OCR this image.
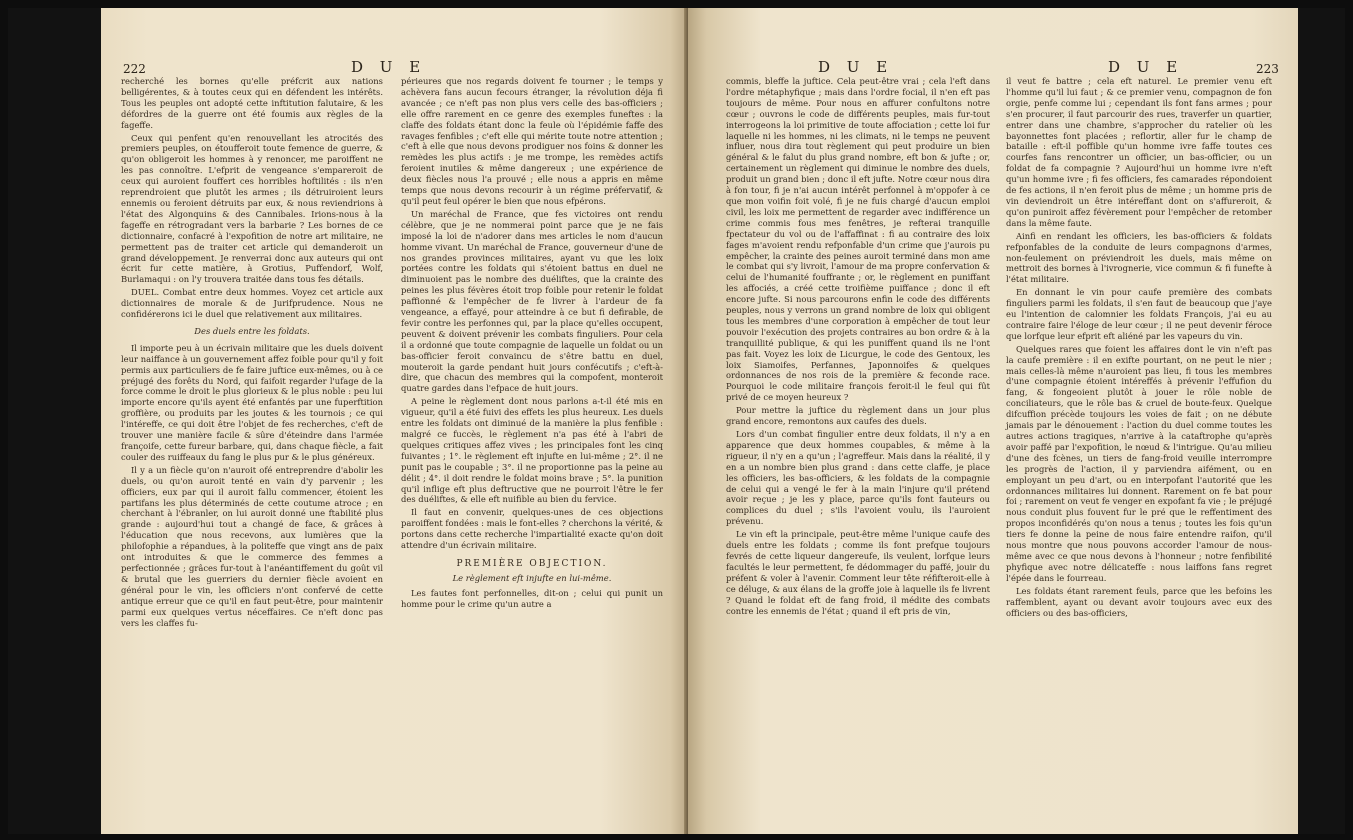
222	D U E

recherché les bornes qu'elle préfcrit aux nations belligérentes, & à toutes ceux qui en défendent les intérêts. Tous les peuples ont adopté cette inftitution falutaire, & les défordres de la guerre ont été foumis aux règles de la fageffe.

Ceux qui penfent qu'en renouvellant les atrocités des premiers peuples, on étoufferoit toute femence de guerre, & qu'on obligeroit les hommes à y renoncer, me paroiffent ne les pas connoître. L'efprit de vengeance s'empareroit de ceux qui auroient fouffert ces horribles hoftilités : ils n'en reprendroient que plutôt les armes ; ils détruiroient leurs ennemis ou feroient détruits par eux, & nous reviendrions à l'état des Algonquins & des Cannibales. Irions-nous à la fageffe en rétrogradant vers la barbarie ? Les bornes de ce dictionnaire, confacré à l'expofition de notre art militaire, ne permettent pas de traiter cet article qui demanderoit un grand développement. Je renverrai donc aux auteurs qui ont écrit fur cette matière, à Grotius, Puffendorf, Wolf, Burlamaqui : on l'y trouvera traitée dans tous fes détails.

DUEL. Combat entre deux hommes. Voyez cet article aux dictionnaires de morale & de Jurifprudence. Nous ne confidérerons ici le duel que relativement aux militaires.

Des duels entre les foldats.

Il importe peu à un écrivain militaire que les duels doivent leur naiffance à un gouvernement affez foible pour qu'il y foit permis aux particuliers de fe faire juftice eux-mêmes, ou à ce préjugé des forêts du Nord, qui faifoit regarder l'ufage de la force comme le droit le plus glorieux & le plus noble : peu lui importe encore qu'ils ayent été enfantés par une fuperftition groffière, ou produits par les joutes & les tournois ; ce qui l'intéreffe, ce qui doit être l'objet de fes recherches, c'eft de trouver une manière facile & sûre d'éteindre dans l'armée françoife, cette fureur barbare, qui, dans chaque fiècle, a fait couler des ruiffeaux du fang le plus pur & le plus généreux.

Il y a un fiècle qu'on n'auroit ofé entreprendre d'abolir les duels, ou qu'on auroit tenté en vain d'y parvenir ; les officiers, eux par qui il auroit fallu commencer, étoient les partifans les plus déterminés de cette coutume atroce ; en cherchant à l'ébranler, on lui auroit donné une ftabilité plus grande : aujourd'hui tout a changé de face, & grâces à l'éducation que nous recevons, aux lumières que la philofophie a répandues, à la politeffe que vingt ans de paix ont introduites & que le commerce des femmes a perfectionnée ; grâces fur-tout à l'anéantiffement du goût vil & brutal que les guerriers du dernier fiècle avoient en général pour le vin, les officiers n'ont confervé de cette antique erreur que ce qu'il en faut peut-être, pour maintenir parmi eux quelques vertus néceffaires. Ce n'eft donc pas vers les claffes fu-

périeures que nos regards doivent fe tourner ; le temps y achèvera fans aucun fecours étranger, la révolution déja fi avancée ; ce n'eft pas non plus vers celle des bas-officiers ; elle offre rarement en ce genre des exemples funeftes : la claffe des foldats étant donc la feule où l'épidémie faffe des ravages fenfibles ; c'eft elle qui mérite toute notre attention ; c'eft à elle que nous devons prodiguer nos foins & donner les remèdes les plus actifs : je me trompe, les remèdes actifs feroient inutiles & même dangereux ; une expérience de deux fiècles nous l'a prouvé ; elle nous a appris en même temps que nous devons recourir à un régime préfervatif, & qu'il peut feul opérer le bien que nous efpérons.

Un maréchal de France, que fes victoires ont rendu célèbre, que je ne nommerai point parce que je ne fais imposé la loi de n'adorer dans mes articles le nom d'aucun homme vivant. Un maréchal de France, gouverneur d'une de nos grandes provinces militaires, ayant vu que les loix portées contre les foldats qui s'étoient battus en duel ne diminuoient pas le nombre des duéliftes, que la crainte des peines les plus févères étoit trop foible pour retenir le foldat paffionné & l'empêcher de fe livrer à l'ardeur de fa vengeance, a effayé, pour atteindre à ce but fi defirable, de fevir contre les perfonnes qui, par la place qu'elles occupent, peuvent & doivent prévenir les combats finguliers. Pour cela il a ordonné que toute compagnie de laquelle un foldat ou un bas-officier feroit convaincu de s'être battu en duel, mouteroit la garde pendant huit jours confécutifs ; c'eft-à-dire, que chacun des membres qui la compofent, monteroit quatre gardes dans l'efpace de huit jours.

A peine le règlement dont nous parlons a-t-il été mis en vigueur, qu'il a été fuivi des effets les plus heureux. Les duels entre les foldats ont diminué de la manière la plus fenfible : malgré ce fuccès, le règlement n'a pas été à l'abri de quelques critiques affez vives ; les principales font les cinq fuivantes ; 1°. le règlement eft injufte en lui-même ; 2°. il ne punit pas le coupable ; 3°. il ne proportionne pas la peine au délit ; 4°. il doit rendre le foldat moins brave ; 5°. la punition qu'il inflige eft plus deftructive que ne pourroit l'être le fer des duéliftes, & elle eft nuifible au bien du fervice.

Il faut en convenir, quelques-unes de ces objections paroiffent fondées : mais le font-elles ? cherchons la vérité, & portons dans cette recherche l'impartialité exacte qu'on doit attendre d'un écrivain militaire.

PREMIÈRE OBJECTION.

Le règlement eft injufte en lui-même.

Les fautes font perfonnelles, dit-on ; celui qui punit un homme pour le crime qu'un autre a

D U E	D U E	223

commis, bleffe la juftice. Cela peut-être vrai ; cela l'eft dans l'ordre métaphyfique ; mais dans l'ordre focial, il n'en eft pas toujours de même. Pour nous en affurer confultons notre cœur ; ouvrons le code de différents peuples, mais fur-tout interrogeons la loi primitive de toute affociation ; cette loi fur laquelle ni les hommes, ni les climats, ni le temps ne peuvent influer, nous dira tout règlement qui peut produire un bien général & le falut du plus grand nombre, eft bon & jufte ; or, certainement un règlement qui diminue le nombre des duels, produit un grand bien ; donc il eft jufte. Notre cœur nous dira à fon tour, fi je n'ai aucun intérêt perfonnel à m'oppofer à ce que mon voifin foit volé, fi je ne fuis chargé d'aucun emploi civil, les loix me permettent de regarder avec indifférence un crime commis fous mes fenêtres, je refterai tranquille fpectateur du vol ou de l'affaffinat : fi au contraire des loix fages m'avoient rendu refponfable d'un crime que j'aurois pu empêcher, la crainte des peines auroit terminé dans mon ame le combat qui s'y livroit, l'amour de ma propre confervation & celui de l'humanité fouffrante ; or, le règlement en puniffant les affociés, a créé cette troifième puiffance ; donc il eft encore jufte. Si nous parcourons enfin le code des différents peuples, nous y verrons un grand nombre de loix qui obligent tous les membres d'une corporation à empêcher de tout leur pouvoir l'exécution des projets contraires au bon ordre & à la tranquillité publique, & qui les puniffent quand ils ne l'ont pas fait. Voyez les loix de Licurgue, le code des Gentoux, les loix Siamoifes, Perfannes, Japonnoifes & quelques ordonnances de nos rois de la première & feconde race. Pourquoi le code militaire françois feroit-il le feul qui fût privé de ce moyen heureux ?

Pour mettre la juftice du règlement dans un jour plus grand encore, remontons aux caufes des duels.

Lors d'un combat fingulier entre deux foldats, il n'y a en apparence que deux hommes coupables, & même à la rigueur, il n'y en a qu'un ; l'agreffeur. Mais dans la réalité, il y en a un nombre bien plus grand : dans cette claffe, je place les officiers, les bas-officiers, & les foldats de la compagnie de celui qui a vengé le fer à la main l'injure qu'il prétend avoir reçue ; je les y place, parce qu'ils font fauteurs ou complices du duel ; s'ils l'avoient voulu, ils l'auroient prévenu.

Le vin eft la principale, peut-être même l'unique caufe des duels entre les foldats ; comme ils font prefque toujours fevrés de cette liqueur dangereufe, ils veulent, lorfque leurs facultés le leur permettent, fe dédommager du paffé, jouir du préfent & voler à l'avenir. Comment leur tête réfifteroit-elle à ce déluge, & aux élans de la groffe joie à laquelle ils fe livrent ? Quand le foldat eft de fang froid, il médite des combats contre les ennemis de l'état ; quand il eft pris de vin,

il veut fe battre ; cela eft naturel. Le premier venu eft l'homme qu'il lui faut ; & ce premier venu, compagnon de fon orgie, penfe comme lui ; cependant ils font fans armes ; pour s'en procurer, il faut parcourir des rues, traverfer un quartier, entrer dans une chambre, s'approcher du ratelier où les bayonnettes font placées ; reflortir, aller fur le champ de bataille : eft-il poffible qu'un homme ivre faffe toutes ces courfes fans rencontrer un officier, un bas-officier, ou un foldat de fa compagnie ? Aujourd'hui un homme ivre n'eft qu'un homme ivre ; fi fes officiers, fes camarades répondoient de fes actions, il n'en feroit plus de même ; un homme pris de vin deviendroit un être intéreffant dont on s'affureroit, & qu'on puniroit affez févèrement pour l'empêcher de retomber dans la même faute.

Ainfi en rendant les officiers, les bas-officiers & foldats refponfables de la conduite de leurs compagnons d'armes, non-feulement on préviendroit les duels, mais même on mettroit des bornes à l'ivrognerie, vice commun & fi funefte à l'état militaire.

En donnant le vin pour caufe première des combats finguliers parmi les foldats, il s'en faut de beaucoup que j'aye eu l'intention de calomnier les foldats François, j'ai eu au contraire faire l'éloge de leur cœur ; il ne peut devenir féroce que lorfque leur efprit eft aliéné par les vapeurs du vin.

Quelques rares que foient les affaires dont le vin n'eft pas la caufe première : il en exifte pourtant, on ne peut le nier ; mais celles-là même n'auroient pas lieu, fi tous les membres d'une compagnie étoient intéreffés à prévenir l'effufion du fang, & fongeoient plutôt à jouer le rôle noble de conciliateurs, que le rôle bas & cruel de boute-feux. Quelque difcuffion précède toujours les voies de fait ; on ne débute jamais par le dénouement : l'action du duel comme toutes les autres actions tragiques, n'arrive à la cataftrophe qu'après avoir paffé par l'expofition, le nœud & l'intrigue. Qu'au milieu d'une des fcènes, un tiers de fang-froid veuille interrompre les progrès de l'action, il y parviendra aifément, ou en employant un peu d'art, ou en interpofant l'autorité que les ordonnances militaires lui donnent. Rarement on fe bat pour foi ; rarement on veut fe venger en expofant fa vie ; le préjugé nous conduit plus fouvent fur le pré que le reffentiment des propos inconfidérés qu'on nous a tenus ; toutes les fois qu'un tiers fe donne la peine de nous faire entendre raifon, qu'il nous montre que nous pouvons accorder l'amour de nous-même avec ce que nous devons à l'honneur ; notre fenfibilité phyfique avec notre délicateffe : nous laiffons fans regret l'épée dans le fourreau.

Les foldats étant rarement feuls, parce que les befoins les raffemblent, ayant ou devant avoir toujours avec eux des officiers ou des bas-officiers,
